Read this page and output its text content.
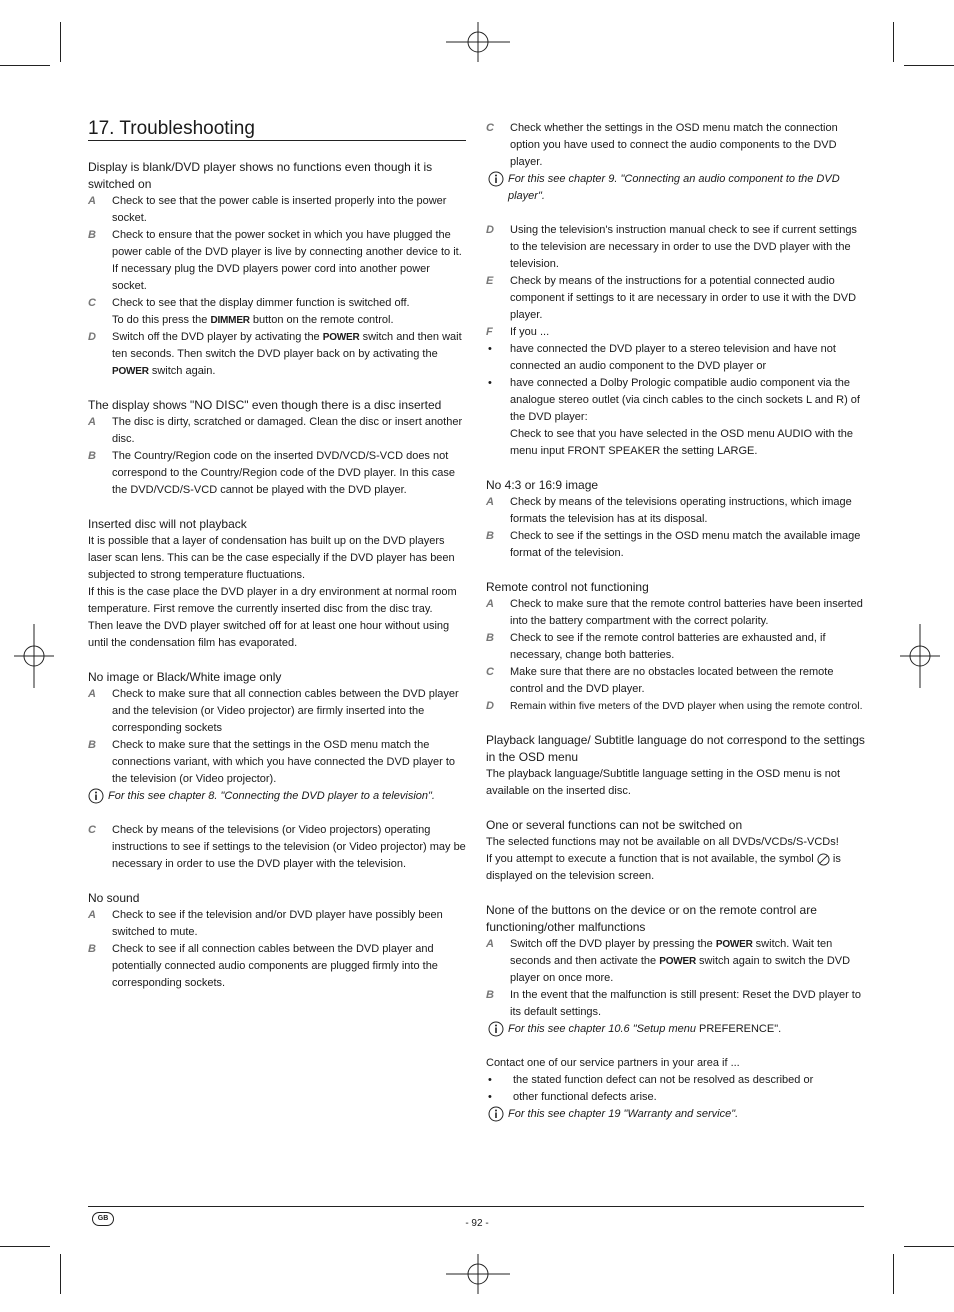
17. Troubleshooting

Display is blank/DVD player shows no functions even though it is switched on

A Check to see that the power cable is inserted properly into the power socket.
B Check to ensure that the power socket in which you have plugged the power cable of the DVD player is live by connecting another device to it. If necessary plug the DVD players power cord into another power socket.
C Check to see that the display dimmer function is switched off.
To do this press the DIMMER button on the remote control.
D Switch off the DVD player by activating the POWER switch and then wait ten seconds. Then switch the DVD player back on by activating the POWER switch again.

The display shows "NO DISC" even though there is a disc inserted

A The disc is dirty, scratched or damaged. Clean the disc or insert another disc.
B The Country/Region code on the inserted DVD/VCD/S-VCD does not correspond to the Country/Region code of the DVD player. In this case the DVD/VCD/S-VCD cannot be played with the DVD player.

Inserted disc will not playback

It is possible that a layer of condensation has built up on the DVD players laser scan lens. This can be the case especially if the DVD player has been subjected to strong temperature fluctuations.
If this is the case place the DVD player in a dry environment at normal room temperature. First remove the currently inserted disc from the disc tray.
Then leave the DVD player switched off for at least one hour without using until the condensation film has evaporated.

No image or Black/White image only

A Check to make sure that all connection cables between the DVD player and the television (or Video projector) are firmly inserted into the corresponding sockets
B Check to make sure that the settings in the OSD menu match the connections variant, with which you have connected the DVD player to the television (or Video projector).
For this see chapter 8. "Connecting the DVD player to a television".
C Check by means of the televisions (or Video projectors) operating instructions to see if settings to the television (or Video projector) may be necessary in order to use the DVD player with the television.

No sound

A Check to see if the television and/or DVD player have possibly been switched to mute.
B Check to see if all connection cables between the DVD player and potentially connected audio components are plugged firmly into the corresponding sockets.
C Check whether the settings in the OSD menu match the connection option you have used to connect the audio components to the DVD player.
For this see chapter 9. "Connecting an audio component to the DVD player".
D Using the television's instruction manual check to see if current settings to the television are necessary in order to use the DVD player with the television.
E Check by means of the instructions for a potential connected audio component if settings to it are necessary in order to use it with the DVD player.
F If you ...
• have connected the DVD player to a stereo television and have not connected an audio component to the DVD player or
• have connected a Dolby Prologic compatible audio component via the analogue stereo outlet (via cinch cables to the cinch sockets L and R) of the DVD player:
Check to see that you have selected in the OSD menu AUDIO with the menu input FRONT SPEAKER the setting LARGE.

No 4:3 or 16:9 image

A Check by means of the televisions operating instructions, which image formats the television has at its disposal.
B Check to see if the settings in the OSD menu match the available image format of the television.

Remote control not functioning

A Check to make sure that the remote control batteries have been inserted into the battery compartment with the correct polarity.
B Check to see if the remote control batteries are exhausted and, if necessary, change both batteries.
C Make sure that there are no obstacles located between the remote control and the DVD player.
D Remain within five meters of the DVD player when using the remote control.

Playback language/ Subtitle language do not correspond to the settings in the OSD menu

The playback language/Subtitle language setting in the OSD menu is not available on the inserted disc.

One or several functions can not be switched on

The selected functions may not be available on all DVDs/VCDs/S-VCDs!
If you attempt to execute a function that is not available, the symbol  is displayed on the television screen.

None of the buttons on the device or on the remote control are functioning/other malfunctions

A Switch off the DVD player by pressing the POWER switch. Wait ten seconds and then activate the POWER switch again to switch the DVD player on once more.
B In the event that the malfunction is still present: Reset the DVD player to its default settings.
For this see chapter 10.6 "Setup menu PREFERENCE".
Contact one of our service partners in your area if ...
• the stated function defect can not be resolved as described or
• other functional defects arise.
For this see chapter 19 "Warranty and service".
GB	- 92 -
